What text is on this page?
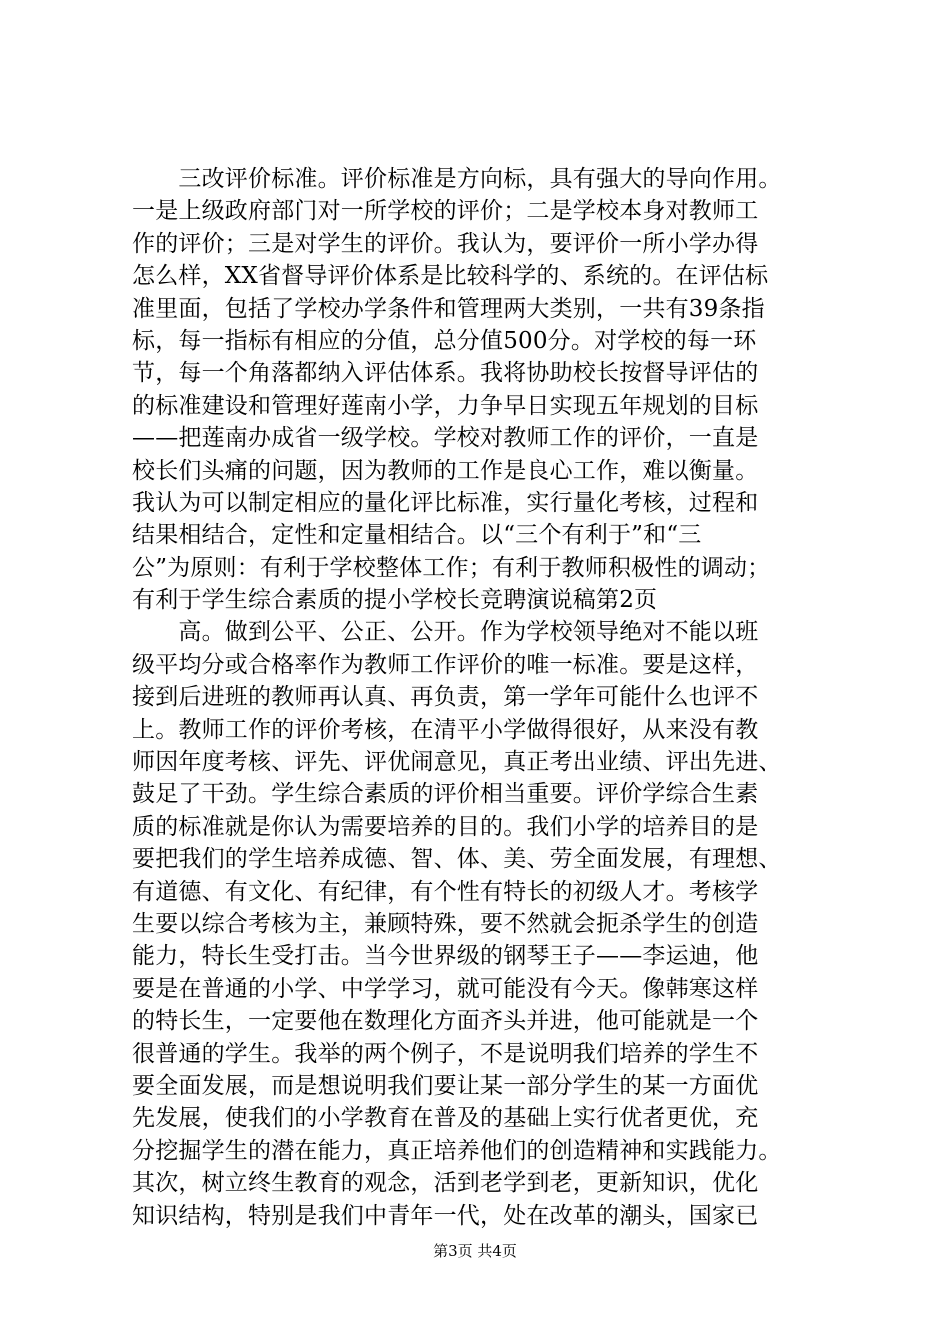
　　三改评价标准。评价标准是方向标，具有强大的导向作用。
一是上级政府部门对一所学校的评价；二是学校本身对教师工
作的评价；三是对学生的评价。我认为，要评价一所小学办得
怎么样，XX省督导评价体系是比较科学的、系统的。在评估标
准里面，包括了学校办学条件和管理两大类别，一共有39条指
标，每一指标有相应的分值，总分值500分。对学校的每一环
节，每一个角落都纳入评估体系。我将协助校长按督导评估的
的标准建设和管理好莲南小学，力争早日实现五年规划的目标
——把莲南办成省一级学校。学校对教师工作的评价，一直是
校长们头痛的问题，因为教师的工作是良心工作，难以衡量。
我认为可以制定相应的量化评比标准，实行量化考核，过程和
结果相结合，定性和定量相结合。以“三个有利于”和“三
公”为原则：有利于学校整体工作；有利于教师积极性的调动；
有利于学生综合素质的提小学校长竞聘演说稿第2页
　　高。做到公平、公正、公开。作为学校领导绝对不能以班
级平均分或合格率作为教师工作评价的唯一标准。要是这样，
接到后进班的教师再认真、再负责，第一学年可能什么也评不
上。教师工作的评价考核，在清平小学做得很好，从来没有教
师因年度考核、评先、评优闹意见，真正考出业绩、评出先进、
鼓足了干劲。学生综合素质的评价相当重要。评价学综合生素
质的标准就是你认为需要培养的目的。我们小学的培养目的是
要把我们的学生培养成德、智、体、美、劳全面发展，有理想、
有道德、有文化、有纪律，有个性有特长的初级人才。考核学
生要以综合考核为主，兼顾特殊，要不然就会扼杀学生的创造
能力，特长生受打击。当今世界级的钢琴王子——李运迪，他
要是在普通的小学、中学学习，就可能没有今天。像韩寒这样
的特长生，一定要他在数理化方面齐头并进，他可能就是一个
很普通的学生。我举的两个例子，不是说明我们培养的学生不
要全面发展，而是想说明我们要让某一部分学生的某一方面优
先发展，使我们的小学教育在普及的基础上实行优者更优，充
分挖掘学生的潜在能力，真正培养他们的创造精神和实践能力。
其次，树立终生教育的观念，活到老学到老，更新知识，优化
知识结构，特别是我们中青年一代，处在改革的潮头，国家已
第3页 共4页
